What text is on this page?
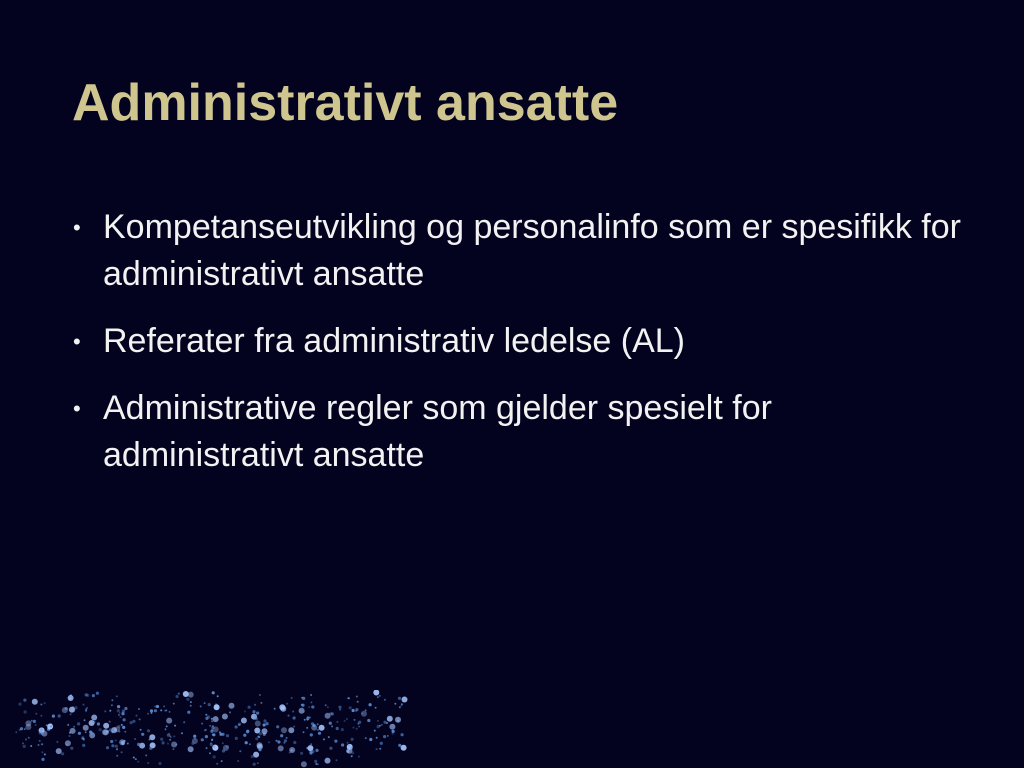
Administrativt ansatte
• Kompetanseutvikling og personalinfo som er spesifikk for administrativt ansatte
• Referater fra administrativ ledelse (AL)
• Administrative regler som gjelder spesielt for administrativt ansatte
